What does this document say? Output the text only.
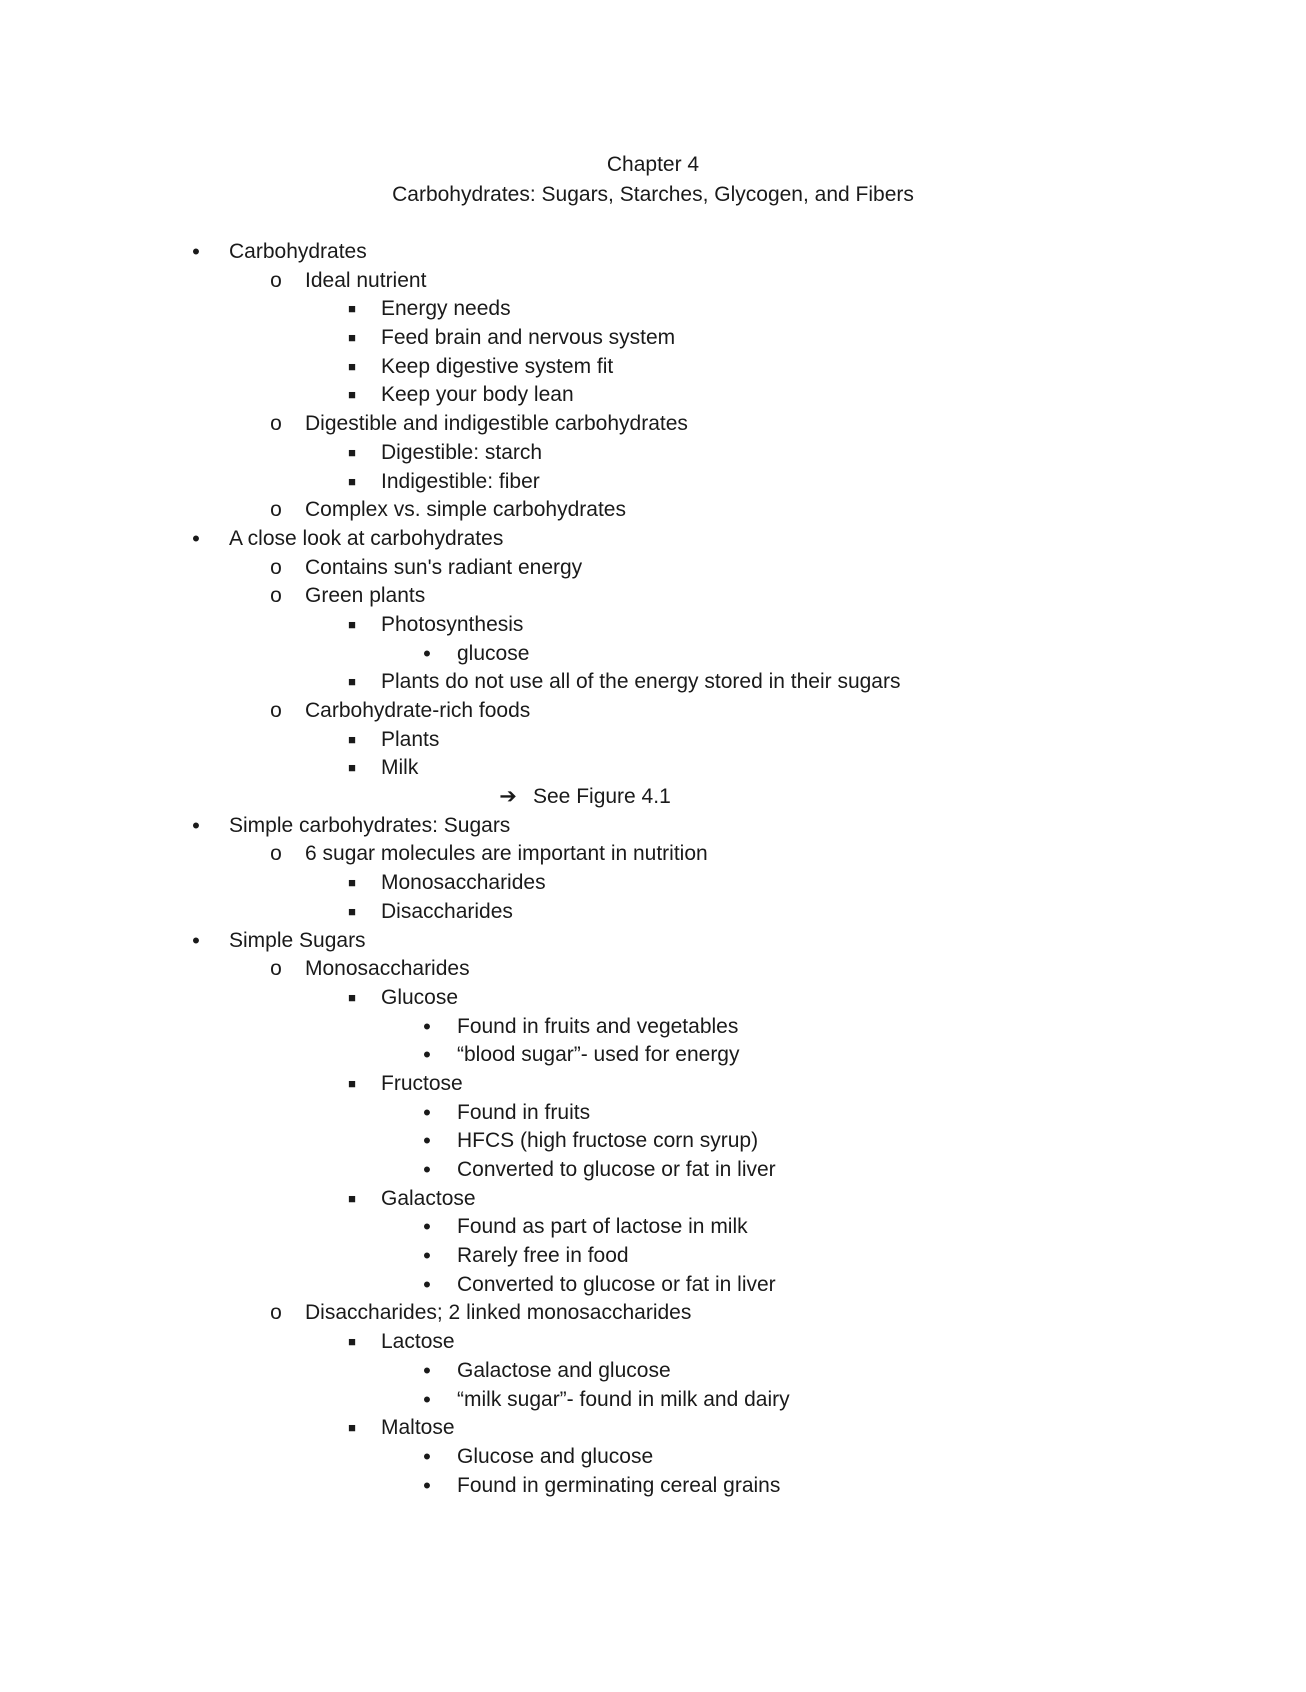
Chapter 4
Carbohydrates: Sugars, Starches, Glycogen, and Fibers
• Carbohydrates
o Ideal nutrient
■ Energy needs
■ Feed brain and nervous system
■ Keep digestive system fit
■ Keep your body lean
o Digestible and indigestible carbohydrates
■ Digestible: starch
■ Indigestible: fiber
o Complex vs. simple carbohydrates
• A close look at carbohydrates
o Contains sun's radiant energy
o Green plants
■ Photosynthesis
• glucose
■ Plants do not use all of the energy stored in their sugars
o Carbohydrate-rich foods
■ Plants
■ Milk
➔ See Figure 4.1
• Simple carbohydrates: Sugars
o 6 sugar molecules are important in nutrition
■ Monosaccharides
■ Disaccharides
• Simple Sugars
o Monosaccharides
■ Glucose
• Found in fruits and vegetables
• “blood sugar”- used for energy
■ Fructose
• Found in fruits
• HFCS (high fructose corn syrup)
• Converted to glucose or fat in liver
■ Galactose
• Found as part of lactose in milk
• Rarely free in food
• Converted to glucose or fat in liver
o Disaccharides; 2 linked monosaccharides
■ Lactose
• Galactose and glucose
• “milk sugar”- found in milk and dairy
■ Maltose
• Glucose and glucose
• Found in germinating cereal grains
